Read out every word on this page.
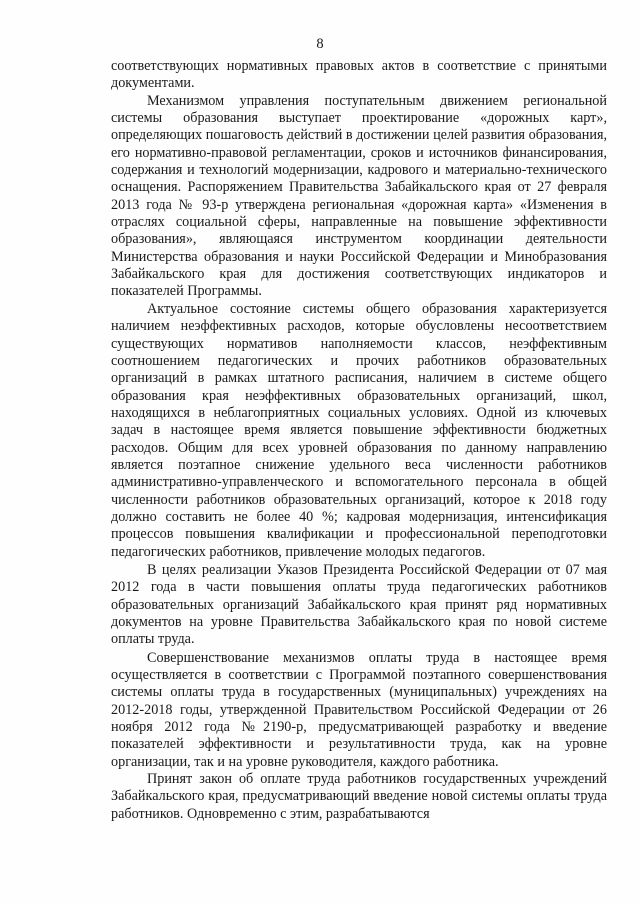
8

соответствующих нормативных правовых актов в соответствие с принятыми документами.

Механизмом управления поступательным движением региональной системы образования выступает проектирование «дорожных карт», определяющих пошаговость действий в достижении целей развития образования, его нормативно-правовой регламентации, сроков и источников финансирования, содержания и технологий модернизации, кадрового и материально-технического оснащения. Распоряжением Правительства Забайкальского края от 27 февраля 2013 года № 93-р утверждена региональная «дорожная карта» «Изменения в отраслях социальной сферы, направленные на повышение эффективности образования», являющаяся инструментом координации деятельности Министерства образования и науки Российской Федерации и Минобразования Забайкальского края для достижения соответствующих индикаторов и показателей Программы.

Актуальное состояние системы общего образования характеризуется наличием неэффективных расходов, которые обусловлены несоответствием существующих нормативов наполняемости классов, неэффективным соотношением педагогических и прочих работников образовательных организаций в рамках штатного расписания, наличием в системе общего образования края неэффективных образовательных организаций, школ, находящихся в неблагоприятных социальных условиях. Одной из ключевых задач в настоящее время является повышение эффективности бюджетных расходов. Общим для всех уровней образования по данному направлению является поэтапное снижение удельного веса численности работников административно-управленческого и вспомогательного персонала в общей численности работников образовательных организаций, которое к 2018 году должно составить не более 40 %; кадровая модернизация, интенсификация процессов повышения квалификации и профессиональной переподготовки педагогических работников, привлечение молодых педагогов.

В целях реализации Указов Президента Российской Федерации от 07 мая 2012 года в части повышения оплаты труда педагогических работников образовательных организаций Забайкальского края принят ряд нормативных документов на уровне Правительства Забайкальского края по новой системе оплаты труда.

Совершенствование механизмов оплаты труда в настоящее время осуществляется в соответствии с Программой поэтапного совершенствования системы оплаты труда в государственных (муниципальных) учреждениях на 2012-2018 годы, утвержденной Правительством Российской Федерации от 26 ноября 2012 года №2190-р, предусматривающей разработку и введение показателей эффективности и результативности труда, как на уровне организации, так и на уровне руководителя, каждого работника.

Принят закон об оплате труда работников государственных учреждений Забайкальского края, предусматривающий введение новой системы оплаты труда работников. Одновременно с этим, разрабатываются
